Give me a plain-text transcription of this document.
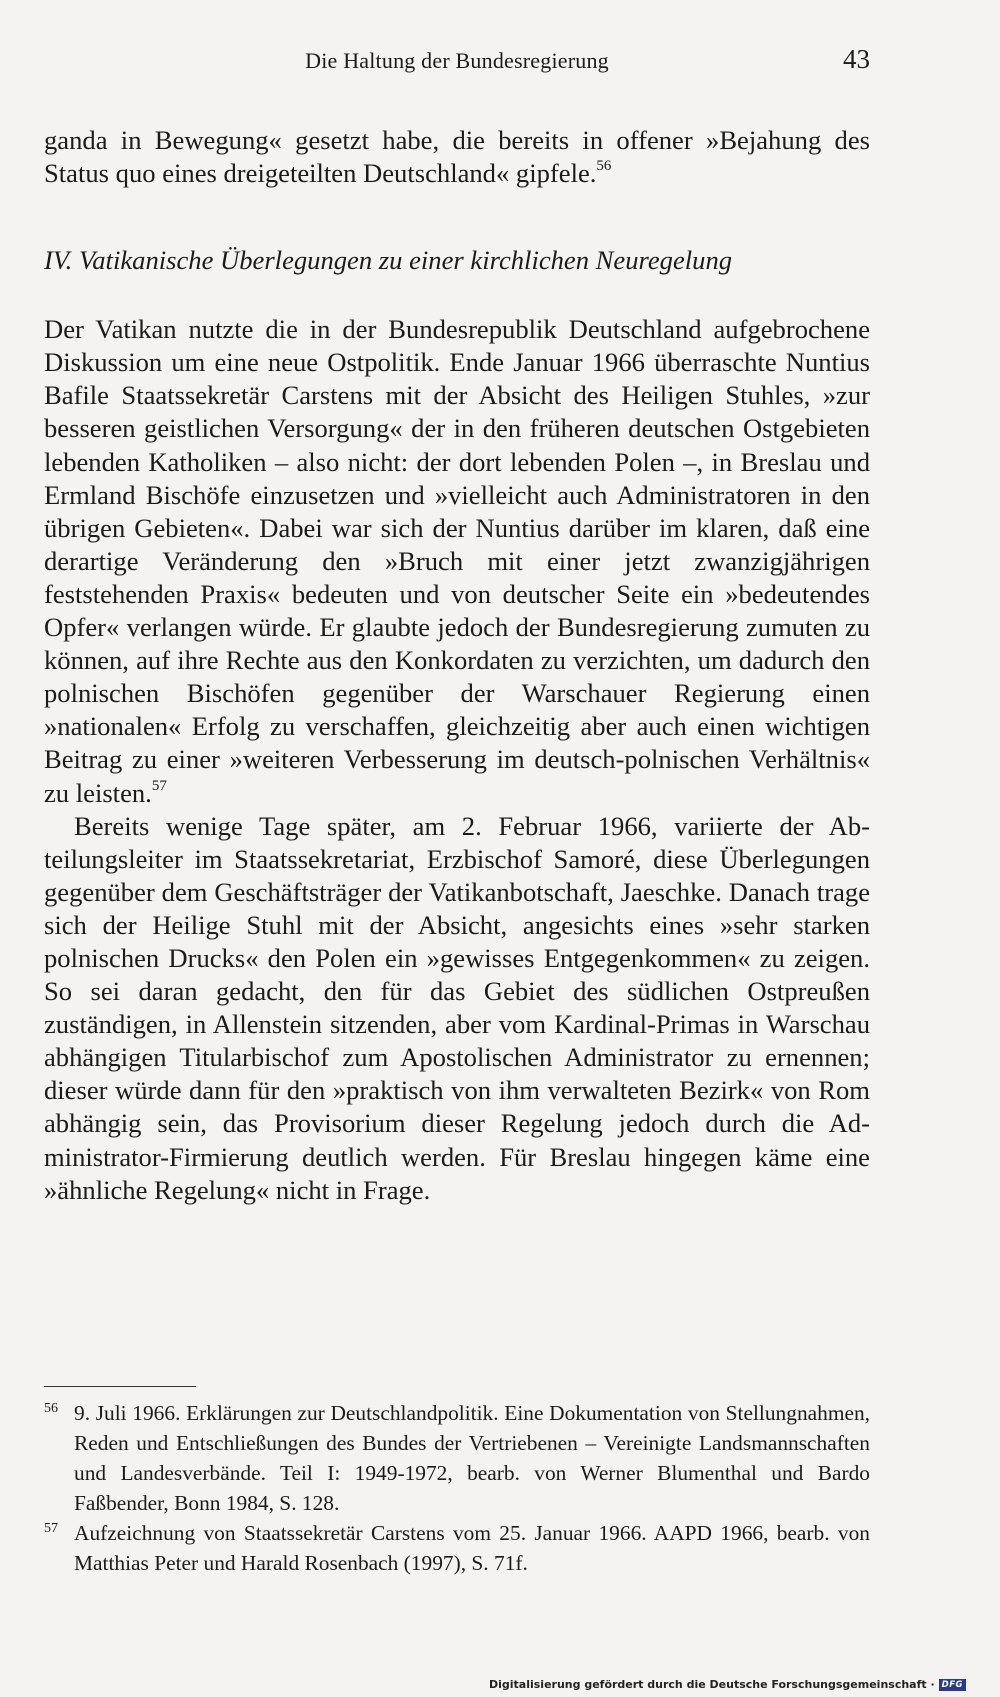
Die Haltung der Bundesregierung	43

ganda in Bewegung« gesetzt habe, die bereits in offener »Bejahung des Status quo eines dreigeteilten Deutschland« gipfele.$^{56}$

IV. Vatikanische Überlegungen zu einer kirchlichen Neuregelung

Der Vatikan nutzte die in der Bundesrepublik Deutschland aufgebrochene Diskussion um eine neue Ostpolitik. Ende Januar 1966 überraschte Nuntius Bafile Staatssekretär Carstens mit der Absicht des Heiligen Stuhles, »zur besseren geistlichen Versorgung« der in den früheren deutschen Ostgebieten lebenden Katholiken – also nicht: der dort lebenden Polen –, in Breslau und Ermland Bischöfe einzusetzen und »vielleicht auch Administratoren in den übrigen Gebieten«. Dabei war sich der Nuntius darüber im klaren, daß eine derartige Veränderung den »Bruch mit einer jetzt zwanzigjährigen feststehenden Praxis« bedeuten und von deutscher Seite ein »bedeutendes Opfer« verlangen würde. Er glaubte jedoch der Bundesregierung zumuten zu können, auf ihre Rechte aus den Konkordaten zu verzichten, um dadurch den polnischen Bischöfen gegenüber der Warschauer Regierung einen »nationalen« Erfolg zu verschaffen, gleichzeitig aber auch einen wichtigen Beitrag zu einer »weiteren Verbesserung im deutsch-polnischen Verhältnis« zu leisten.$^{57}$

Bereits wenige Tage später, am 2. Februar 1966, variierte der Abteilungsleiter im Staatssekretariat, Erzbischof Samoré, diese Überlegungen gegenüber dem Geschäftsträger der Vatikanbotschaft, Jaeschke. Danach trage sich der Heilige Stuhl mit der Absicht, angesichts eines »sehr starken polnischen Drucks« den Polen ein »gewisses Entgegenkommen« zu zeigen. So sei daran gedacht, den für das Gebiet des südlichen Ostpreußen zuständigen, in Allenstein sitzenden, aber vom Kardinal-Primas in Warschau abhängigen Titularbischof zum Apostolischen Administrator zu ernennen; dieser würde dann für den »praktisch von ihm verwalteten Bezirk« von Rom abhängig sein, das Provisorium dieser Regelung jedoch durch die Administrator-Firmierung deutlich werden. Für Breslau hingegen käme eine »ähnliche Regelung« nicht in Frage.

56 9. Juli 1966. Erklärungen zur Deutschlandpolitik. Eine Dokumentation von Stellungnahmen, Reden und Entschließungen des Bundes der Vertriebenen – Vereinigte Landsmannschaften und Landesverbände. Teil I: 1949-1972, bearb. von Werner Blumenthal und Bardo Faßbender, Bonn 1984, S. 128.

57 Aufzeichnung von Staatssekretär Carstens vom 25. Januar 1966. AAPD 1966, bearb. von Matthias Peter und Harald Rosenbach (1997), S. 71f.

Digitalisierung gefördert durch die Deutsche Forschungsgemeinschaft · DFG
